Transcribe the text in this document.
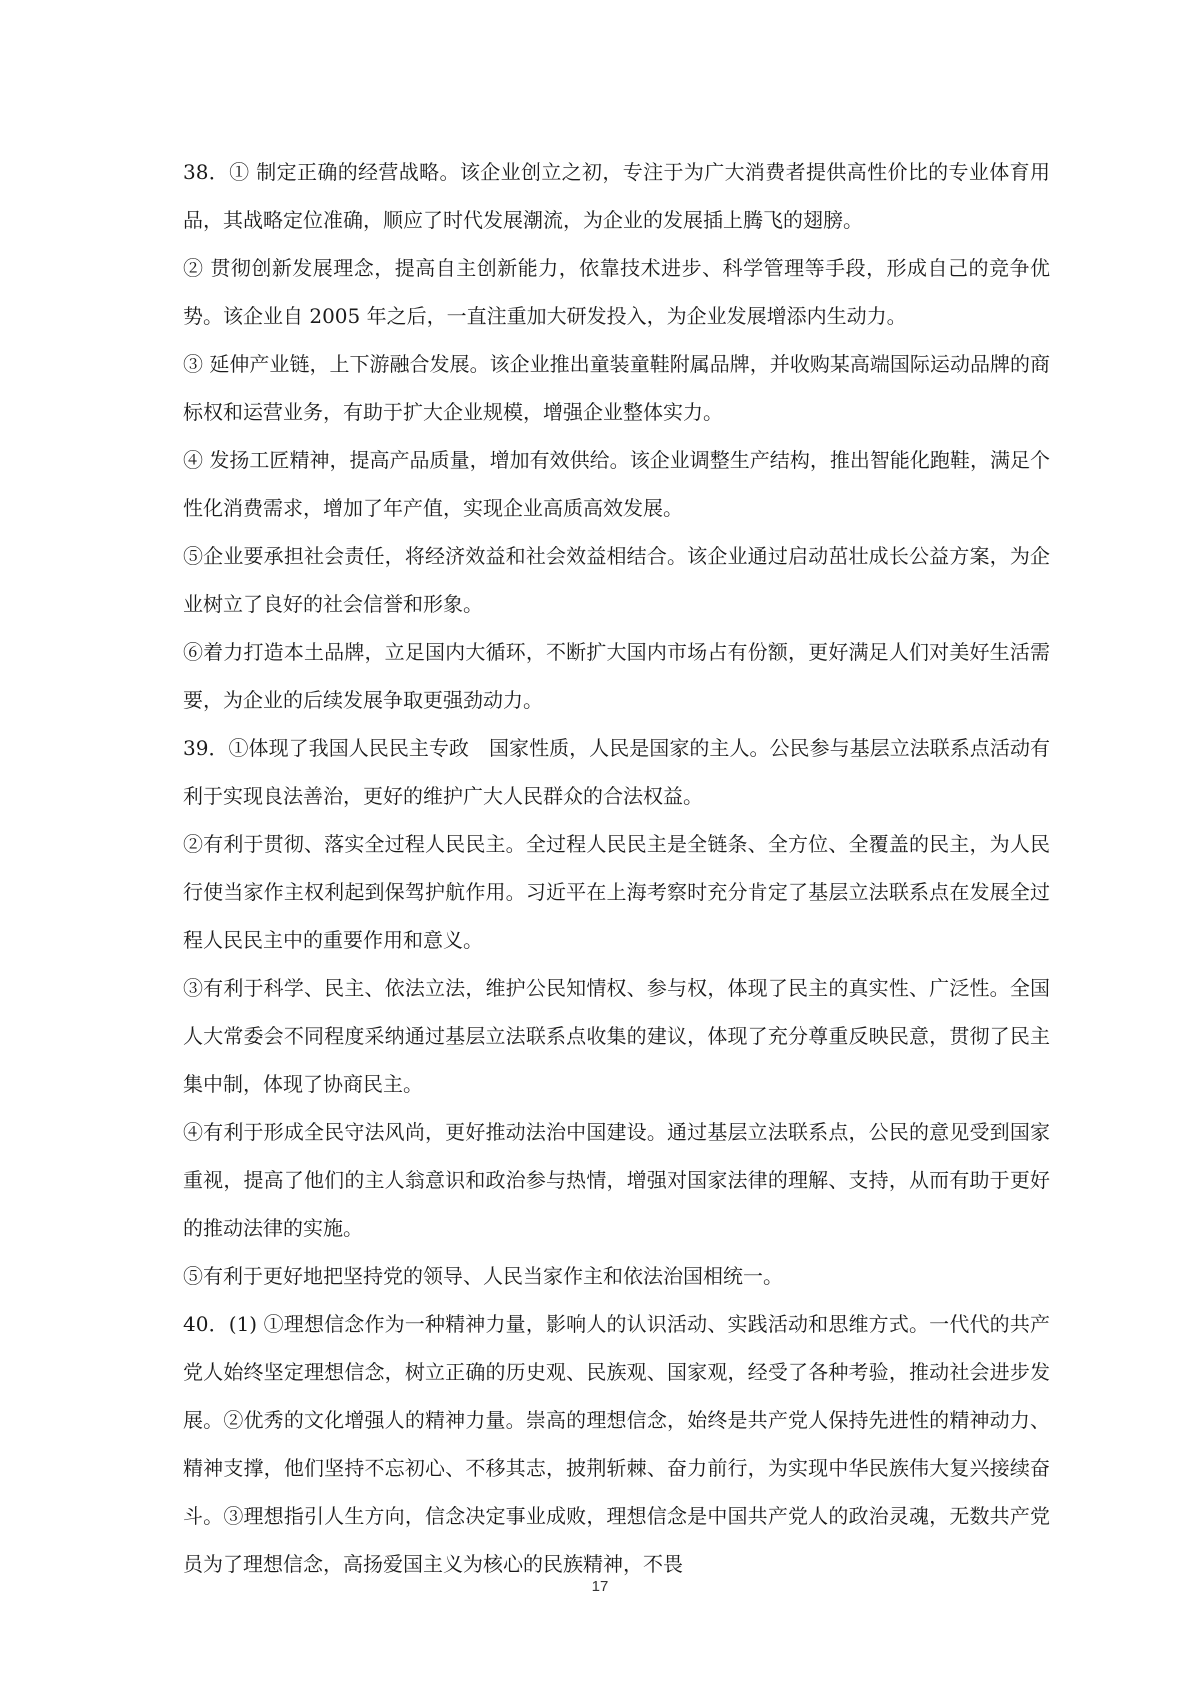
38．① 制定正确的经营战略。该企业创立之初，专注于为广大消费者提供高性价比的专业体育用品，其战略定位准确，顺应了时代发展潮流，为企业的发展插上腾飞的翅膀。

② 贯彻创新发展理念，提高自主创新能力，依靠技术进步、科学管理等手段，形成自己的竞争优势。该企业自 2005 年之后，一直注重加大研发投入，为企业发展增添内生动力。

③ 延伸产业链，上下游融合发展。该企业推出童装童鞋附属品牌，并收购某高端国际运动品牌的商标权和运营业务，有助于扩大企业规模，增强企业整体实力。

④ 发扬工匠精神，提高产品质量，增加有效供给。该企业调整生产结构，推出智能化跑鞋，满足个性化消费需求，增加了年产值，实现企业高质高效发展。

⑤企业要承担社会责任，将经济效益和社会效益相结合。该企业通过启动茁壮成长公益方案，为企业树立了良好的社会信誉和形象。

⑥着力打造本土品牌，立足国内大循环，不断扩大国内市场占有份额，更好满足人们对美好生活需要，为企业的后续发展争取更强劲动力。

39．①体现了我国人民民主专政　国家性质，人民是国家的主人。公民参与基层立法联系点活动有利于实现良法善治，更好的维护广大人民群众的合法权益。

②有利于贯彻、落实全过程人民民主。全过程人民民主是全链条、全方位、全覆盖的民主，为人民行使当家作主权利起到保驾护航作用。习近平在上海考察时充分肯定了基层立法联系点在发展全过程人民民主中的重要作用和意义。

③有利于科学、民主、依法立法，维护公民知情权、参与权，体现了民主的真实性、广泛性。全国人大常委会不同程度采纳通过基层立法联系点收集的建议，体现了充分尊重反映民意，贯彻了民主集中制，体现了协商民主。

④有利于形成全民守法风尚，更好推动法治中国建设。通过基层立法联系点，公民的意见受到国家重视，提高了他们的主人翁意识和政治参与热情，增强对国家法律的理解、支持，从而有助于更好的推动法律的实施。

⑤有利于更好地把坚持党的领导、人民当家作主和依法治国相统一。

40．(1) ①理想信念作为一种精神力量，影响人的认识活动、实践活动和思维方式。一代代的共产党人始终坚定理想信念，树立正确的历史观、民族观、国家观，经受了各种考验，推动社会进步发展。②优秀的文化增强人的精神力量。崇高的理想信念，始终是共产党人保持先进性的精神动力、精神支撑，他们坚持不忘初心、不移其志，披荆斩棘、奋力前行，为实现中华民族伟大复兴接续奋斗。③理想指引人生方向，信念决定事业成败，理想信念是中国共产党人的政治灵魂，无数共产党员为了理想信念，高扬爱国主义为核心的民族精神，不畏

17
